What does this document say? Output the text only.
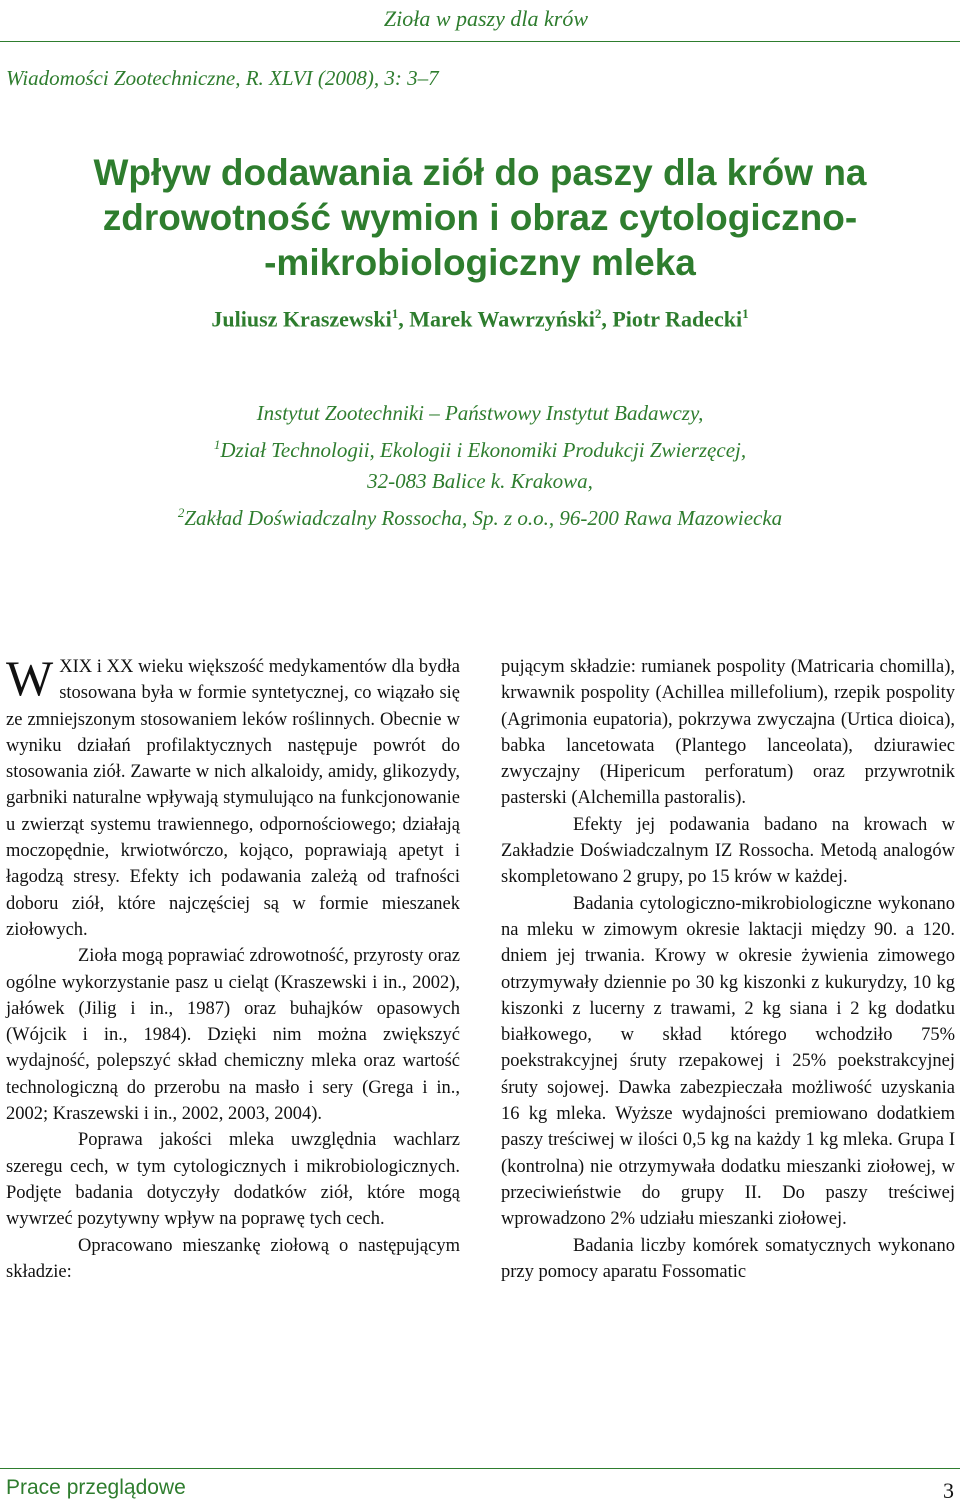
Zioła w paszy dla krów
Wiadomości Zootechniczne, R. XLVI (2008), 3: 3–7
Wpływ dodawania ziół do paszy dla krów na
zdrowotność wymion i obraz cytologiczno-
-mikrobiologiczny mleka
Juliusz Kraszewski$^1$, Marek Wawrzyński$^2$, Piotr Radecki$^1$
Instytut Zootechniki – Państwowy Instytut Badawczy,
$^1$Dział Technologii, Ekologii i Ekonomiki Produkcji Zwierzęcej,
32-083 Balice k. Krakowa,
$^2$Zakład Doświadczalny Rossocha, Sp. z o.o., 96-200 Rawa Mazowiecka

WXIX i XX wieku większość medykamentów dla bydła stosowana była w formie syntetycznej, co wiązało się ze zmniejszonym stosowaniem leków roślinnych. Obecnie w wyniku działań profilaktycznych następuje powrót do stosowania ziół. Zawarte w nich alkaloidy, amidy, glikozydy, garbniki naturalne wpływają stymulująco na funkcjonowanie u zwierząt systemu trawiennego, odpornościowego; działają moczopędnie, krwiotwórczo, kojąco, poprawiają apetyt i łagodzą stresy. Efekty ich podawania zależą od trafności doboru ziół, które najczęściej są w formie mieszanek ziołowych.

Zioła mogą poprawiać zdrowotność, przyrosty oraz ogólne wykorzystanie pasz u cieląt (Kraszewski i in., 2002), jałówek (Jilig i in., 1987) oraz buhajków opasowych (Wójcik i in., 1984). Dzięki nim można zwiększyć wydajność, polepszyć skład chemiczny mleka oraz wartość technologiczną do przerobu na masło i sery (Grega i in., 2002; Kraszewski i in., 2002, 2003, 2004).

Poprawa jakości mleka uwzględnia wachlarz szeregu cech, w tym cytologicznych i mikrobiologicznych. Podjęte badania dotyczyły dodatków ziół, które mogą wywrzeć pozytywny wpływ na poprawę tych cech.

Opracowano mieszankę ziołową o następującym składzie:

pującym składzie: rumianek pospolity (Matricaria chomilla), krwawnik pospolity (Achillea millefolium), rzepik pospolity (Agrimonia eupatoria), pokrzywa zwyczajna (Urtica dioica), babka lancetowata (Plantego lanceolata), dziurawiec zwyczajny (Hipericum perforatum) oraz przywrotnik pasterski (Alchemilla pastoralis).

Efekty jej podawania badano na krowach w Zakładzie Doświadczalnym IZ Rossocha. Metodą analogów skompletowano 2 grupy, po 15 krów w każdej.

Badania cytologiczno-mikrobiologiczne wykonano na mleku w zimowym okresie laktacji między 90. a 120. dniem jej trwania. Krowy w okresie żywienia zimowego otrzymywały dziennie po 30 kg kiszonki z kukurydzy, 10 kg kiszonki z lucerny z trawami, 2 kg siana i 2 kg dodatku białkowego, w skład którego wchodziło 75% poekstrakcyjnej śruty rzepakowej i 25% poekstrakcyjnej śruty sojowej. Dawka zabezpieczała możliwość uzyskania 16 kg mleka. Wyższe wydajności premiowano dodatkiem paszy treściwej w ilości 0,5 kg na każdy 1 kg mleka. Grupa I (kontrolna) nie otrzymywała dodatku mieszanki ziołowej, w przeciwieństwie do grupy II. Do paszy treściwej wprowadzono 2% udziału mieszanki ziołowej.

Badania liczby komórek somatycznych wykonano przy pomocy aparatu Fossomatic

Prace przeglądowe	3
